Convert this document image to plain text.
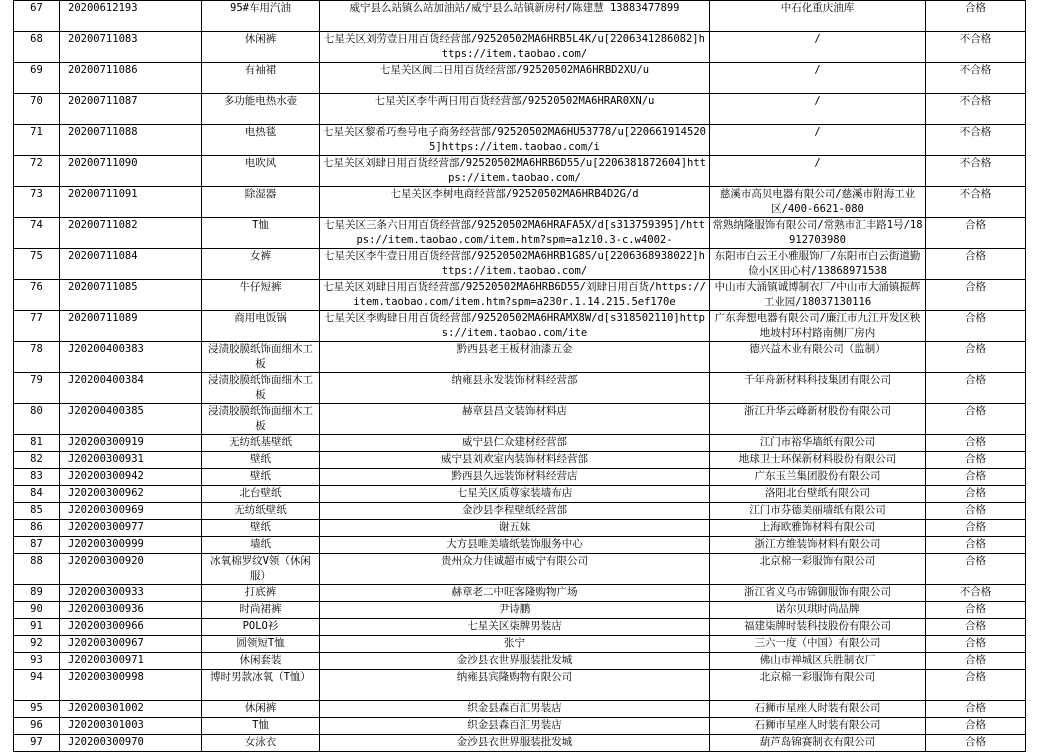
67	20200612193	95#车用汽油	威宁县么站镇么站加油站/威宁县么站镇新房村/陈建慧 13883477899	中石化重庆油库	合格
68	20200711083	休闲裤	七星关区刘劳壹日用百货经营部/92520502MA6HRB5L4K/u[2206341286082]https://item.taobao.com/	/	不合格
69	20200711086	有袖裙	七星关区阆二日用百货经营部/92520502MA6HRBD2XU/u	/	不合格
70	20200711087	多功能电热水壶	七星关区李牛两日用百货经营部/92520502MA6HRAR0XN/u	/	不合格
71	20200711088	电热毯	七星关区黎希巧叁号电子商务经营部/92520502MA6HU53778/u[2206619145205]https://item.taobao.com/i	/	不合格
72	20200711090	电吹风	七星关区刘肆日用百货经营部/92520502MA6HRB6D55/u[2206381872604]https://item.taobao.com/	/	不合格
73	20200711091	除湿器	七星关区李树电商经营部/92520502MA6HRB4D2G/d	慈溪市高贝电器有限公司/慈溪市附海工业区/400-6621-080	不合格
74	20200711082	T恤	七星关区三条六日用百货经营部/92520502MA6HRAFA5X/d[s313759395]/https://item.taobao.com/item.htm?spm=a1z10.3-c.w4002-	常熟纳隆服饰有限公司/常熟市汇丰路1号/18912703980	合格
75	20200711084	女裤	七星关区李牛壹日用百货经营部/92520502MA6HRB1G8S/u[2206368938022]https://item.taobao.com/	东阳市白云王小雅服饰厂/东阳市白云街道勤俭小区田心村/13868971538	合格
76	20200711085	牛仔短裤	七星关区刘肆日用百货经营部/92520502MA6HRB6D55/刘肆日用百货/https://item.taobao.com/item.htm?spm=a230r.1.14.215.5ef170e	中山市大涌镇诚博制衣厂/中山市大涌镇振辉工业园/18037130116	合格
77	20200711089	商用电饭锅	七星关区李购肆日用百货经营部/92520502MA6HRAMX8W/d[s318502110]https://item.taobao.com/ite	广东奔想电器有限公司/廉江市九江开发区秧地坡村环村路南侧厂房内	合格
78	J20200400383	浸渍胶膜纸饰面细木工板	黔西县老王板材油漆五金	德兴益木业有限公司（监制）	合格
79	J20200400384	浸渍胶膜纸饰面细木工板	纳雍县永发装饰材料经营部	千年舟新材料科技集团有限公司	合格
80	J20200400385	浸渍胶膜纸饰面细木工板	赫章县昌文装饰材料店	浙江升华云峰新材股份有限公司	合格
81	J20200300919	无纺纸基壁纸	威宁县仁众建材经营部	江门市裕华墙纸有限公司	合格
82	J20200300931	壁纸	威宁县刘欢室内装饰材料经营部	地球卫士环保新材料股份有限公司	合格
83	J20200300942	壁纸	黔西县久远装饰材料经营店	广东玉兰集团股份有限公司	合格
84	J20200300962	北台壁纸	七星关区质尊家装墙布店	洛阳北台壁纸有限公司	合格
85	J20200300969	无纺纸壁纸	金沙县李程壁纸经营部	江门市芬德美丽墙纸有限公司	合格
86	J20200300977	壁纸	谢五妹	上海欧雅饰材料有限公司	合格
87	J20200300999	墙纸	大方县唯美墙纸装饰服务中心	浙江方维装饰材料有限公司	合格
88	J20200300920	冰氧棉罗纹V领（休闲服）	贵州众力佳诚超市威宁有限公司	北京棉一彩服饰有限公司	合格
89	J20200300933	打底裤	赫章老二中旺客隆购物广场	浙江省义乌市锦御服饰有限公司	不合格
90	J20200300936	时尚裙裤	尹诗鹏	诺尔贝琪时尚品牌	合格
91	J20200300966	POLO衫	七星关区柒牌男装店	福建柒牌时装科技股份有限公司	合格
92	J20200300967	圆领短T恤	张宁	三六一度（中国）有限公司	合格
93	J20200300971	休闲套装	金沙县衣世界服装批发城	佛山市禅城区兵胜制衣厂	合格
94	J20200300998	博时男款冰氧（T恤）	纳雍县宾隆购物有限公司	北京棉一彩服饰有限公司	合格
95	J20200301002	休闲裤	织金县森百汇男装店	石狮市星座人时装有限公司	合格
96	J20200301003	T恤	织金县森百汇男装店	石狮市星座人时装有限公司	合格
97	J20200300970	女泳衣	金沙县衣世界服装批发城	葫芦岛锦赛制衣有限公司	合格
